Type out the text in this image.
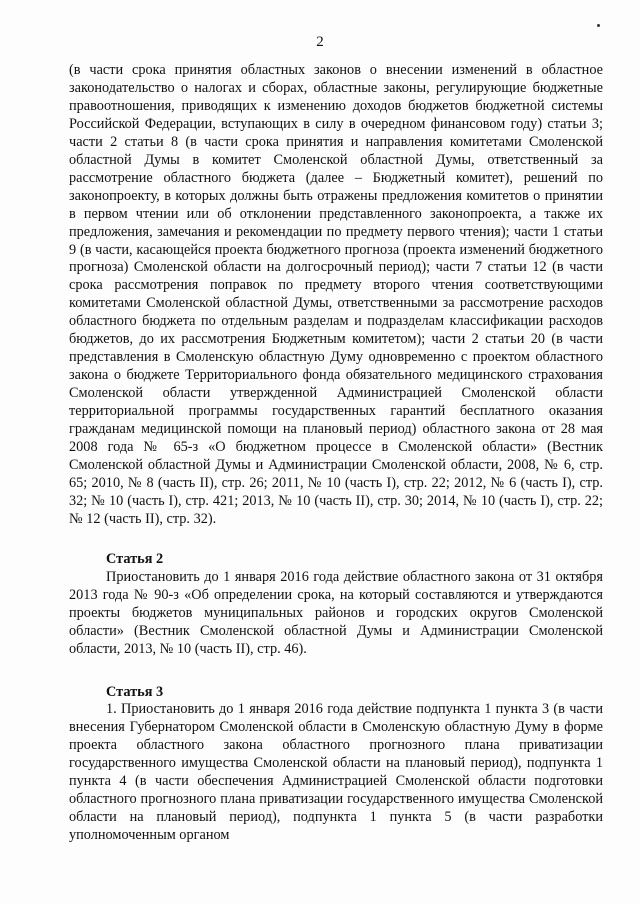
2

(в части срока принятия областных законов о внесении изменений в областное законодательство о налогах и сборах, областные законы, регулирующие бюджетные правоотношения, приводящих к изменению доходов бюджетов бюджетной системы Российской Федерации, вступающих в силу в очередном финансовом году) статьи 3; части 2 статьи 8 (в части срока принятия и направления комитетами Смоленской областной Думы в комитет Смоленской областной Думы, ответственный за рассмотрение областного бюджета (далее – Бюджетный комитет), решений по законопроекту, в которых должны быть отражены предложения комитетов о принятии в первом чтении или об отклонении представленного законопроекта, а также их предложения, замечания и рекомендации по предмету первого чтения); части 1 статьи 9 (в части, касающейся проекта бюджетного прогноза (проекта изменений бюджетного прогноза) Смоленской области на долгосрочный период); части 7 статьи 12 (в части срока рассмотрения поправок по предмету второго чтения соответствующими комитетами Смоленской областной Думы, ответственными за рассмотрение расходов областного бюджета по отдельным разделам и подразделам классификации расходов бюджетов, до их рассмотрения Бюджетным комитетом); части 2 статьи 20 (в части представления в Смоленскую областную Думу одновременно с проектом областного закона о бюджете Территориального фонда обязательного медицинского страхования Смоленской области утвержденной Администрацией Смоленской области территориальной программы государственных гарантий бесплатного оказания гражданам медицинской помощи на плановый период) областного закона от 28 мая 2008 года № 65-з «О бюджетном процессе в Смоленской области» (Вестник Смоленской областной Думы и Администрации Смоленской области, 2008, № 6, стр. 65; 2010, № 8 (часть II), стр. 26; 2011, № 10 (часть I), стр. 22; 2012, № 6 (часть I), стр. 32; № 10 (часть I), стр. 421; 2013, № 10 (часть II), стр. 30; 2014, № 10 (часть I), стр. 22; № 12 (часть II), стр. 32).

Статья 2

Приостановить до 1 января 2016 года действие областного закона от 31 октября 2013 года № 90-з «Об определении срока, на который составляются и утверждаются проекты бюджетов муниципальных районов и городских округов Смоленской области» (Вестник Смоленской областной Думы и Администрации Смоленской области, 2013, № 10 (часть II), стр. 46).

Статья 3

1. Приостановить до 1 января 2016 года действие подпункта 1 пункта 3 (в части внесения Губернатором Смоленской области в Смоленскую областную Думу в форме проекта областного закона областного прогнозного плана приватизации государственного имущества Смоленской области на плановый период), подпункта 1 пункта 4 (в части обеспечения Администрацией Смоленской области подготовки областного прогнозного плана приватизации государственного имущества Смоленской области на плановый период), подпункта 1 пункта 5 (в части разработки уполномоченным органом
